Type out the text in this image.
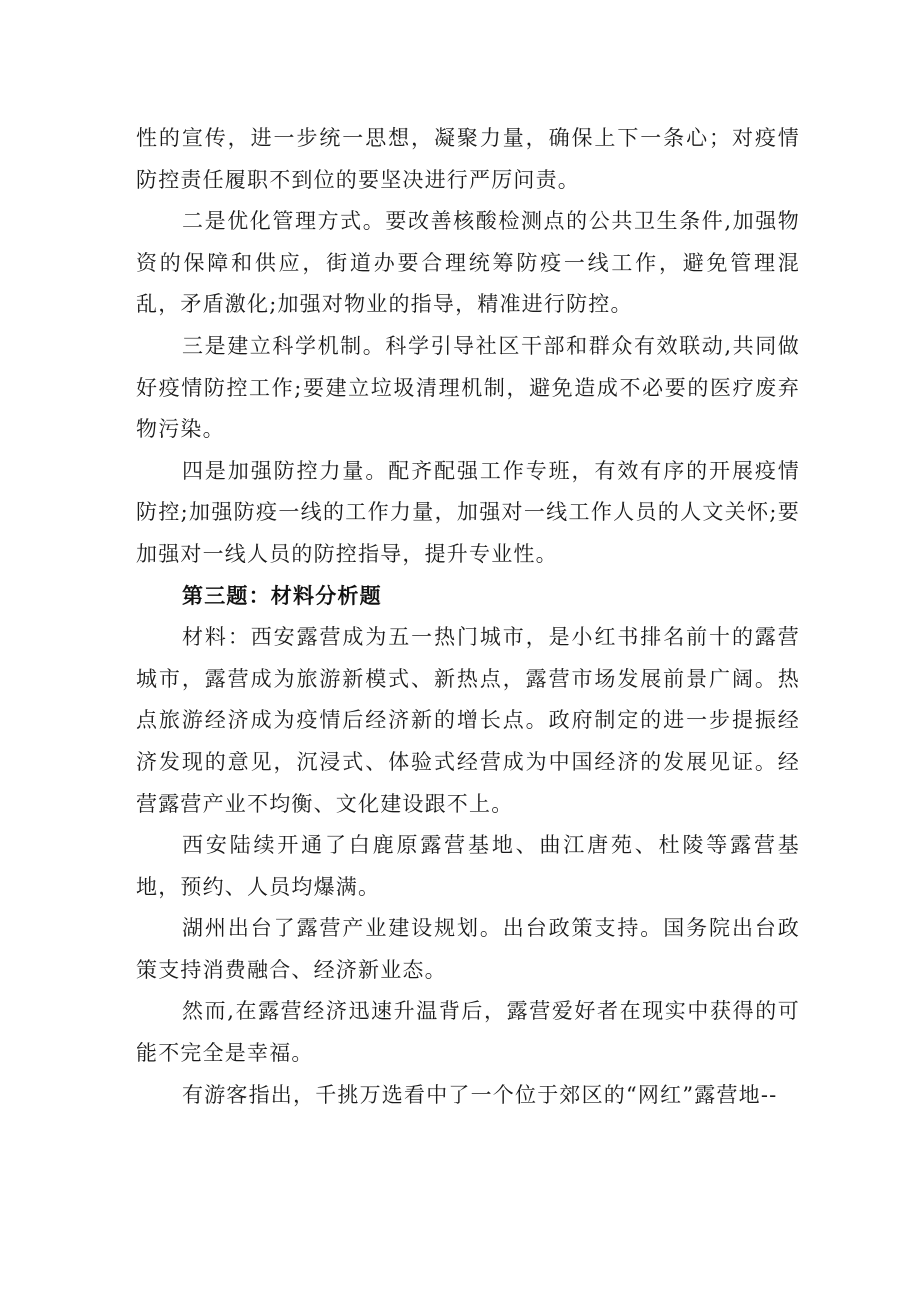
性的宣传，进一步统一思想，凝聚力量，确保上下一条心；对疫情防控责任履职不到位的要坚决进行严厉问责。

二是优化管理方式。要改善核酸检测点的公共卫生条件,加强物资的保障和供应，街道办要合理统筹防疫一线工作，避免管理混乱，矛盾激化;加强对物业的指导，精准进行防控。

三是建立科学机制。科学引导社区干部和群众有效联动,共同做好疫情防控工作;要建立垃圾清理机制，避免造成不必要的医疗废弃物污染。

四是加强防控力量。配齐配强工作专班，有效有序的开展疫情防控;加强防疫一线的工作力量，加强对一线工作人员的人文关怀;要加强对一线人员的防控指导，提升专业性。

第三题：材料分析题

材料：西安露营成为五一热门城市，是小红书排名前十的露营城市，露营成为旅游新模式、新热点，露营市场发展前景广阔。热点旅游经济成为疫情后经济新的增长点。政府制定的进一步提振经济发现的意见，沉浸式、体验式经营成为中国经济的发展见证。经营露营产业不均衡、文化建设跟不上。

西安陆续开通了白鹿原露营基地、曲江唐苑、杜陵等露营基地，预约、人员均爆满。

湖州出台了露营产业建设规划。出台政策支持。国务院出台政策支持消费融合、经济新业态。

然而,在露营经济迅速升温背后，露营爱好者在现实中获得的可能不完全是幸福。

有游客指出，千挑万选看中了一个位于郊区的“网红”露营地--
